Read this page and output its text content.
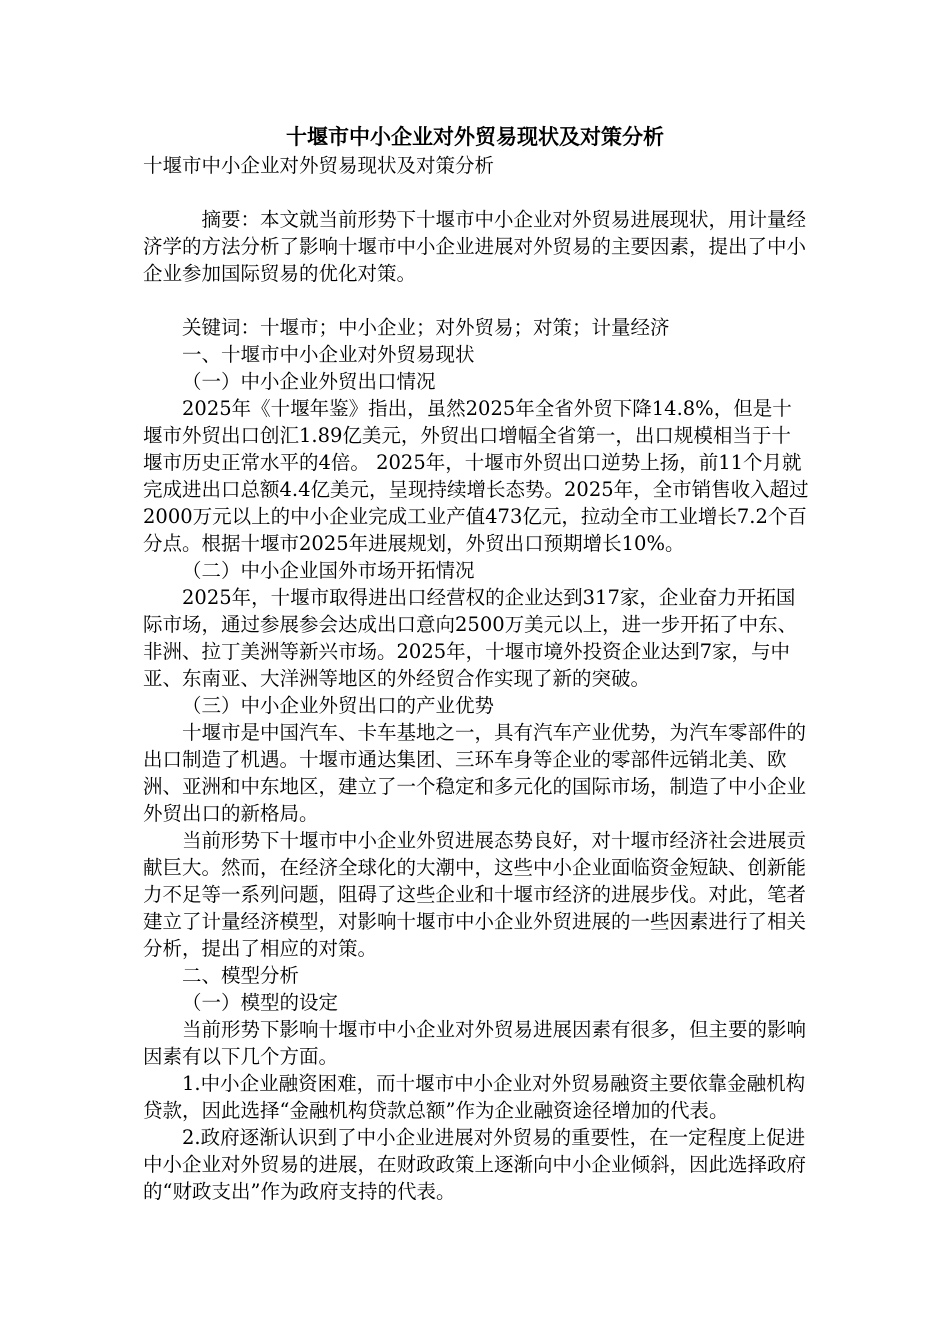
十堰市中小企业对外贸易现状及对策分析

十堰市中小企业对外贸易现状及对策分析

摘要：本文就当前形势下十堰市中小企业对外贸易进展现状，用计量经济学的方法分析了影响十堰市中小企业进展对外贸易的主要因素，提出了中小企业参加国际贸易的优化对策。

关键词：十堰市；中小企业；对外贸易；对策；计量经济

一、十堰市中小企业对外贸易现状

（一）中小企业外贸出口情况

2025年《十堰年鉴》指出，虽然2025年全省外贸下降14.8%，但是十堰市外贸出口创汇1.89亿美元，外贸出口增幅全省第一，出口规模相当于十堰市历史正常水平的4倍。 2025年，十堰市外贸出口逆势上扬，前11个月就完成进出口总额4.4亿美元，呈现持续增长态势。2025年，全市销售收入超过2000万元以上的中小企业完成工业产值473亿元，拉动全市工业增长7.2个百分点。根据十堰市2025年进展规划，外贸出口预期增长10%。

（二）中小企业国外市场开拓情况

2025年，十堰市取得进出口经营权的企业达到317家，企业奋力开拓国际市场，通过参展参会达成出口意向2500万美元以上，进一步开拓了中东、非洲、拉丁美洲等新兴市场。2025年，十堰市境外投资企业达到7家，与中亚、东南亚、大洋洲等地区的外经贸合作实现了新的突破。

（三）中小企业外贸出口的产业优势

十堰市是中国汽车、卡车基地之一，具有汽车产业优势，为汽车零部件的出口制造了机遇。十堰市通达集团、三环车身等企业的零部件远销北美、欧洲、亚洲和中东地区，建立了一个稳定和多元化的国际市场，制造了中小企业外贸出口的新格局。

当前形势下十堰市中小企业外贸进展态势良好，对十堰市经济社会进展贡献巨大。然而，在经济全球化的大潮中，这些中小企业面临资金短缺、创新能力不足等一系列问题，阻碍了这些企业和十堰市经济的进展步伐。对此，笔者建立了计量经济模型，对影响十堰市中小企业外贸进展的一些因素进行了相关分析，提出了相应的对策。

二、模型分析

（一）模型的设定

当前形势下影响十堰市中小企业对外贸易进展因素有很多，但主要的影响因素有以下几个方面。

1.中小企业融资困难，而十堰市中小企业对外贸易融资主要依靠金融机构贷款，因此选择“金融机构贷款总额”作为企业融资途径增加的代表。

2.政府逐渐认识到了中小企业进展对外贸易的重要性，在一定程度上促进中小企业对外贸易的进展，在财政政策上逐渐向中小企业倾斜，因此选择政府的“财政支出”作为政府支持的代表。
